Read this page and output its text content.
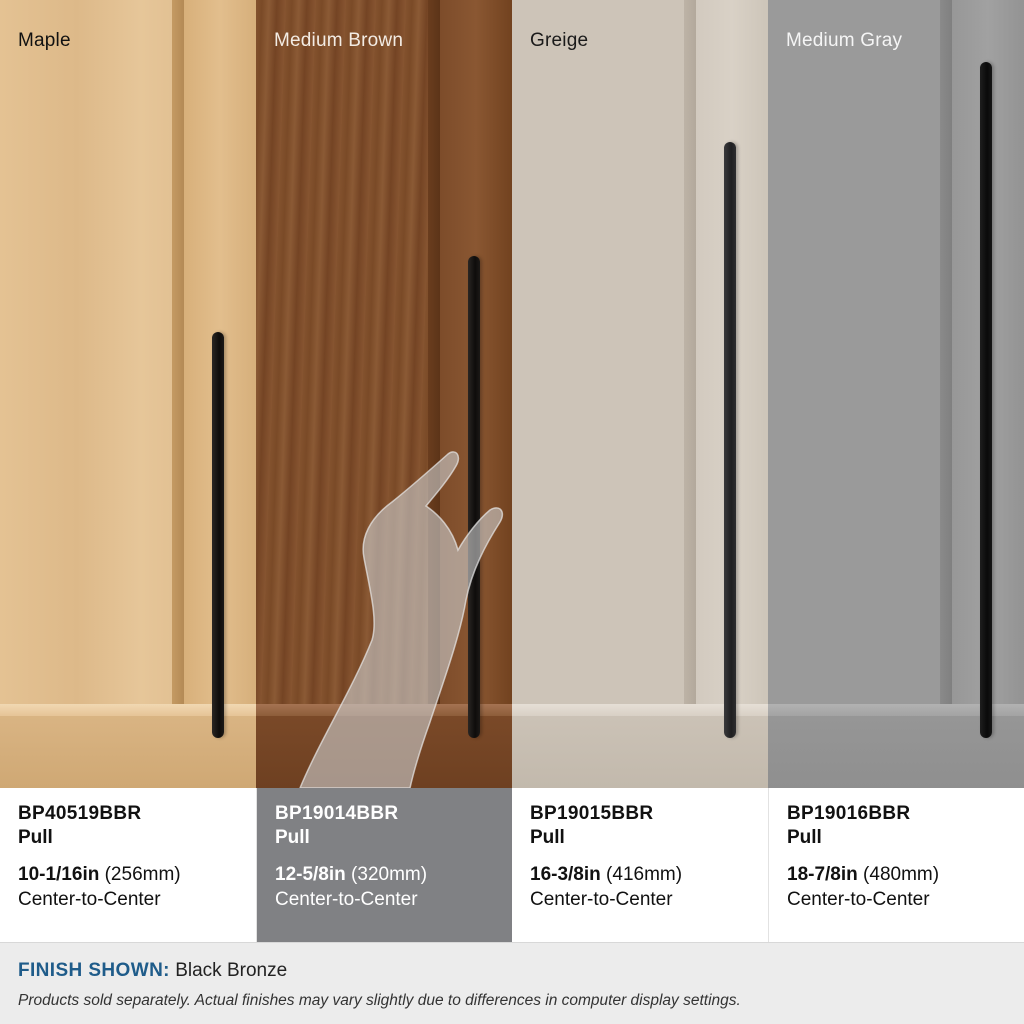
Maple	Medium Brown	Greige	Medium Gray
BP40519BBR
Pull
10-1/16in (256mm)
Center-to-Center
BP19014BBR
Pull
12-5/8in (320mm)
Center-to-Center
BP19015BBR
Pull
16-3/8in (416mm)
Center-to-Center
BP19016BBR
Pull
18-7/8in (480mm)
Center-to-Center
FINISH SHOWN: Black Bronze
Products sold separately. Actual finishes may vary slightly due to differences in computer display settings.
